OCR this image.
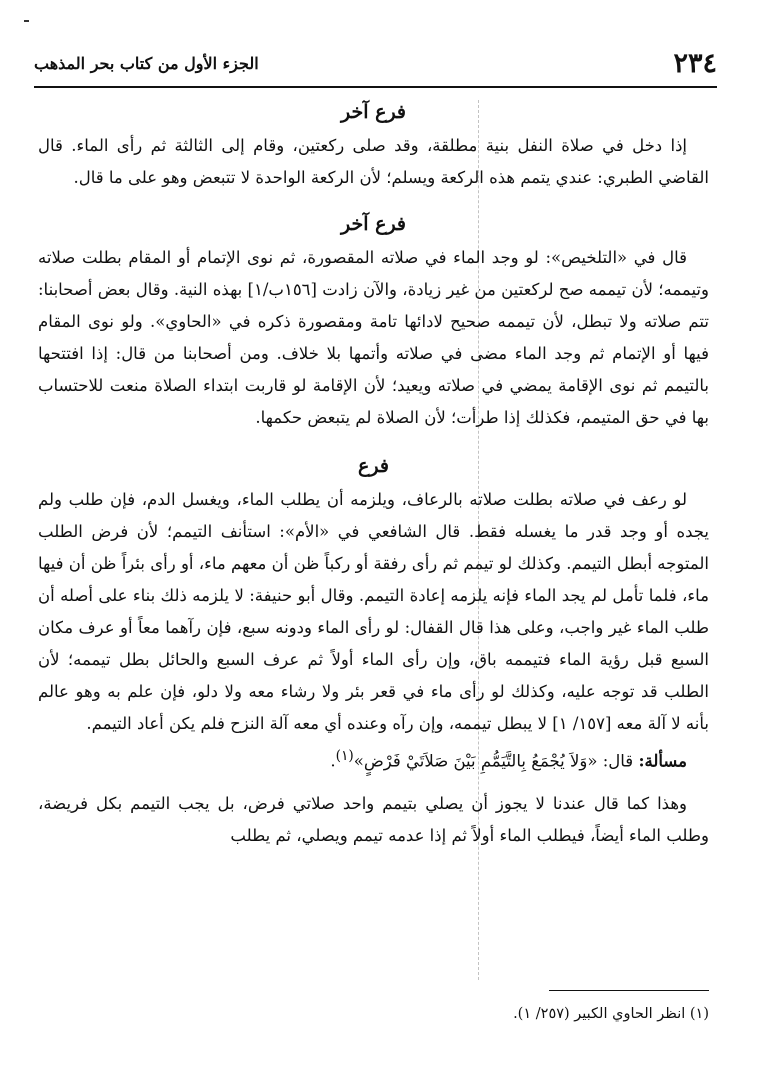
٢٣٤
الجزء الأول من كتاب بحر المذهب
فرع آخر

إذا دخل في صلاة النفل بنية مطلقة، وقد صلى ركعتين، وقام إلى الثالثة ثم رأى الماء. قال القاضي الطبري: عندي يتمم هذه الركعة ويسلم؛ لأن الركعة الواحدة لا تتبعض وهو على ما قال.

فرع آخر

قال في «التلخيص»: لو وجد الماء في صلاته المقصورة، ثم نوى الإتمام أو المقام بطلت صلاته وتيممه؛ لأن تيممه صح لركعتين من غير زيادة، والآن زادت [١٥٦ب/١] بهذه النية. وقال بعض أصحابنا: تتم صلاته ولا تبطل، لأن تيممه صحيح لادائها تامة ومقصورة ذكره في «الحاوي». ولو نوى المقام فيها أو الإتمام ثم وجد الماء مضى في صلاته وأتمها بلا خلاف. ومن أصحابنا من قال: إذا افتتحها بالتيمم ثم نوى الإقامة يمضي في صلاته ويعيد؛ لأن الإقامة لو قاربت ابتداء الصلاة منعت للاحتساب بها في حق المتيمم، فكذلك إذا طرأت؛ لأن الصلاة لم يتبعض حكمها.

فرع

لو رعف في صلاته بطلت صلاته بالرعاف، ويلزمه أن يطلب الماء، ويغسل الدم، فإن طلب ولم يجده أو وجد قدر ما يغسله فقط. قال الشافعي في «الأم»: استأنف التيمم؛ لأن فرض الطلب المتوجه أبطل التيمم. وكذلك لو تيمم ثم رأى رفقة أو ركباً ظن أن معهم ماء، أو رأى بئراً ظن أن فيها ماء، فلما تأمل لم يجد الماء فإنه يلزمه إعادة التيمم. وقال أبو حنيفة: لا يلزمه ذلك بناء على أصله أن طلب الماء غير واجب، وعلى هذا قال القفال: لو رأى الماء ودونه سبع، فإن رآهما معاً أو عرف مكان السبع قبل رؤية الماء فتيممه باق، وإن رأى الماء أولاً ثم عرف السبع والحائل بطل تيممه؛ لأن الطلب قد توجه عليه، وكذلك لو رأى ماء في قعر بئر ولا رشاء معه ولا دلو، فإن علم به وهو عالم بأنه لا آلة معه [١٥٧/ ١] لا يبطل تيممه، وإن رآه وعنده أي معه آلة النزح فلم يكن أعاد التيمم.

مسألة: قال: «وَلاَ يُجْمَعُ بِالتَّيَمُّمِ بَيْنَ صَلاَتَيْ فَرْضٍ»$^{(١)}$.

وهذا كما قال عندنا لا يجوز أن يصلي بتيمم واحد صلاتي فرض، بل يجب التيمم بكل فريضة، وطلب الماء أيضاً، فيطلب الماء أولاً ثم إذا عدمه تيمم ويصلي، ثم يطلب

(١) انظر الحاوي الكبير (٢٥٧/ ١).
